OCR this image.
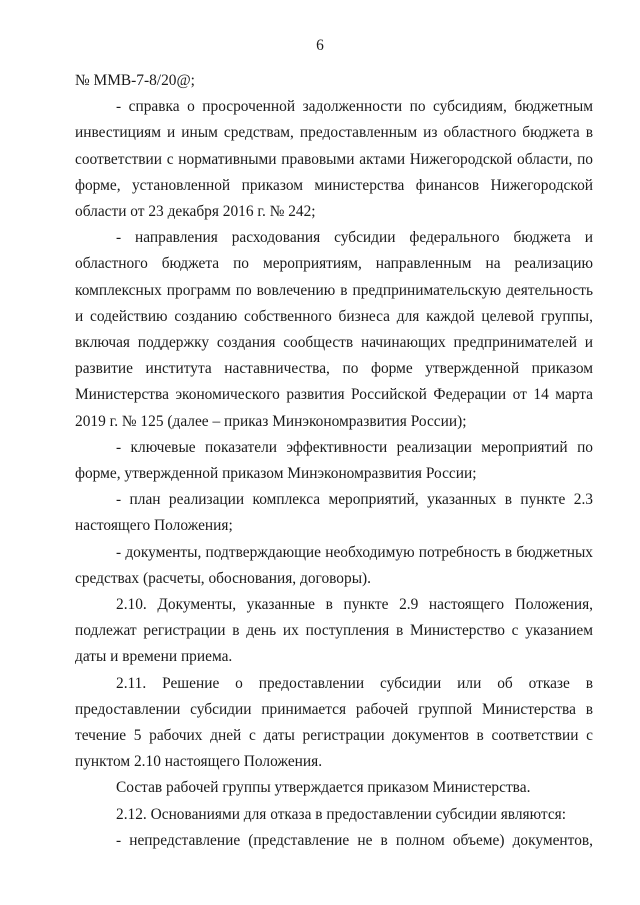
6

№ ММВ-7-8/20@;

- справка о просроченной задолженности по субсидиям, бюджетным инвестициям и иным средствам, предоставленным из областного бюджета в соответствии с нормативными правовыми актами Нижегородской области, по форме, установленной приказом министерства финансов Нижегородской области от 23 декабря 2016 г. № 242;

- направления расходования субсидии федерального бюджета и областного бюджета по мероприятиям, направленным на реализацию комплексных программ по вовлечению в предпринимательскую деятельность и содействию созданию собственного бизнеса для каждой целевой группы, включая поддержку создания сообществ начинающих предпринимателей и развитие института наставничества, по форме утвержденной приказом Министерства экономического развития Российской Федерации от 14 марта 2019 г. № 125 (далее – приказ Минэкономразвития России);

- ключевые показатели эффективности реализации мероприятий по форме, утвержденной приказом Минэкономразвития России;

- план реализации комплекса мероприятий, указанных в пункте 2.3 настоящего Положения;

- документы, подтверждающие необходимую потребность в бюджетных средствах (расчеты, обоснования, договоры).

2.10. Документы, указанные в пункте 2.9 настоящего Положения, подлежат регистрации в день их поступления в Министерство с указанием даты и времени приема.

2.11. Решение о предоставлении субсидии или об отказе в предоставлении субсидии принимается рабочей группой Министерства в течение 5 рабочих дней с даты регистрации документов в соответствии с пунктом 2.10 настоящего Положения.

Состав рабочей группы утверждается приказом Министерства.

2.12. Основаниями для отказа в предоставлении субсидии являются:

- непредставление (представление не в полном объеме) документов,
